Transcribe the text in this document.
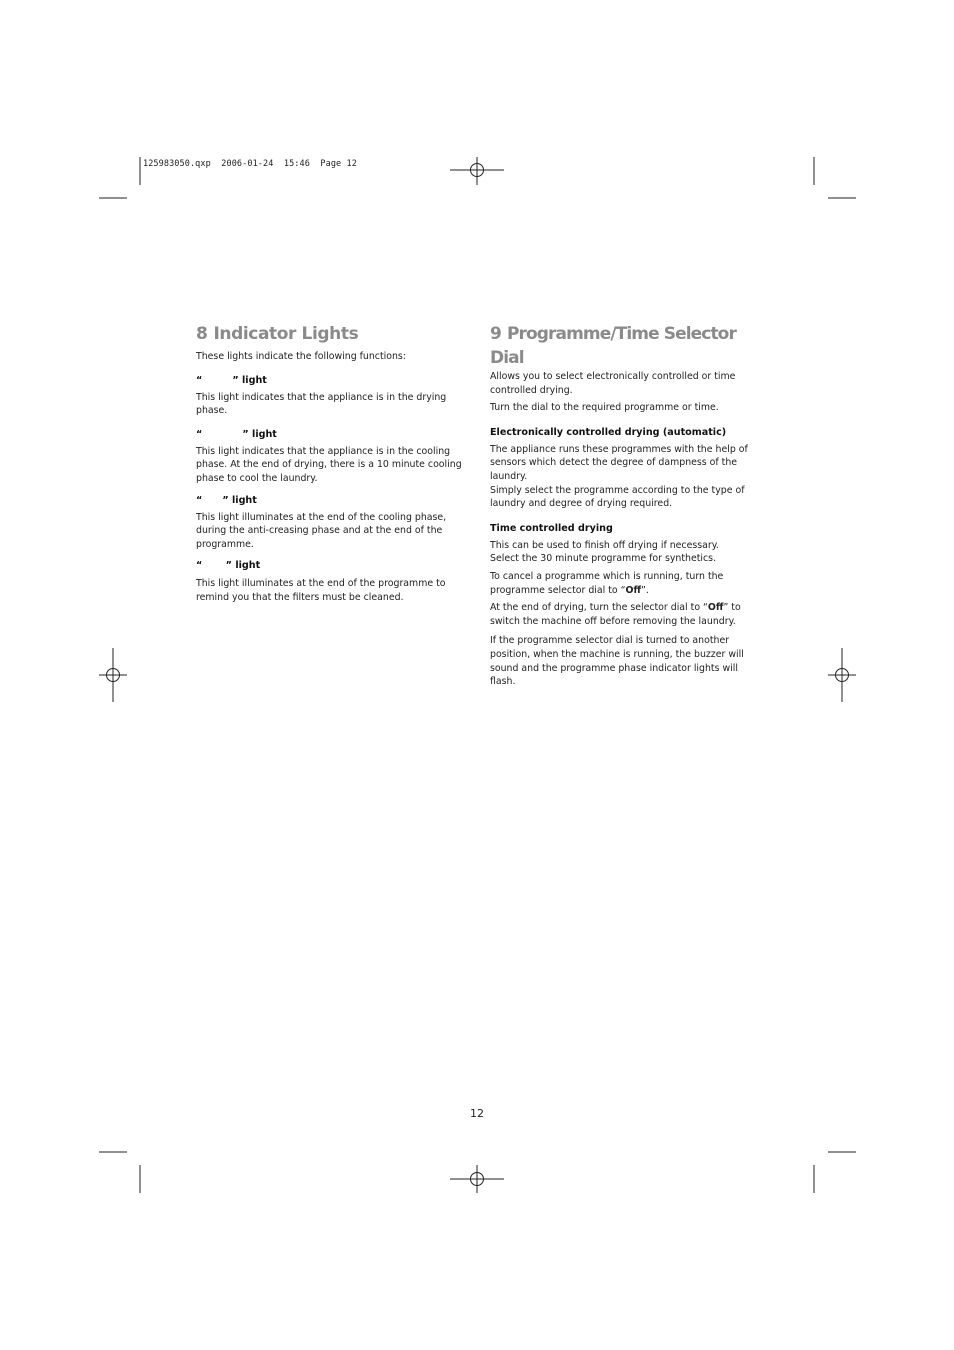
125983050.qxp  2006-01-24  15:46  Page 12
8 Indicator Lights

These lights indicate the following functions:

“         ” light

This light indicates that the appliance is in the drying phase.

“            ” light

This light indicates that the appliance is in the cooling phase. At the end of drying, there is a 10 minute cooling phase to cool the laundry.

“      ” light

This light illuminates at the end of the cooling phase, during the anti-creasing phase and at the end of the programme.

“       ” light

This light illuminates at the end of the programme to remind you that the filters must be cleaned.

9 Programme/Time Selector Dial

Allows you to select electronically controlled or time controlled drying.

Turn the dial to the required programme or time.

Electronically controlled drying (automatic)

The appliance runs these programmes with the help of sensors which detect the degree of dampness of the laundry.

Simply select the programme according to the type of laundry and degree of drying required.

Time controlled drying

This can be used to finish off drying if necessary.

Select the 30 minute programme for synthetics.

To cancel a programme which is running, turn the programme selector dial to “Off”.

At the end of drying, turn the selector dial to “Off” to switch the machine off before removing the laundry.

If the programme selector dial is turned to another position, when the machine is running, the buzzer will sound and the programme phase indicator lights will flash.

12
